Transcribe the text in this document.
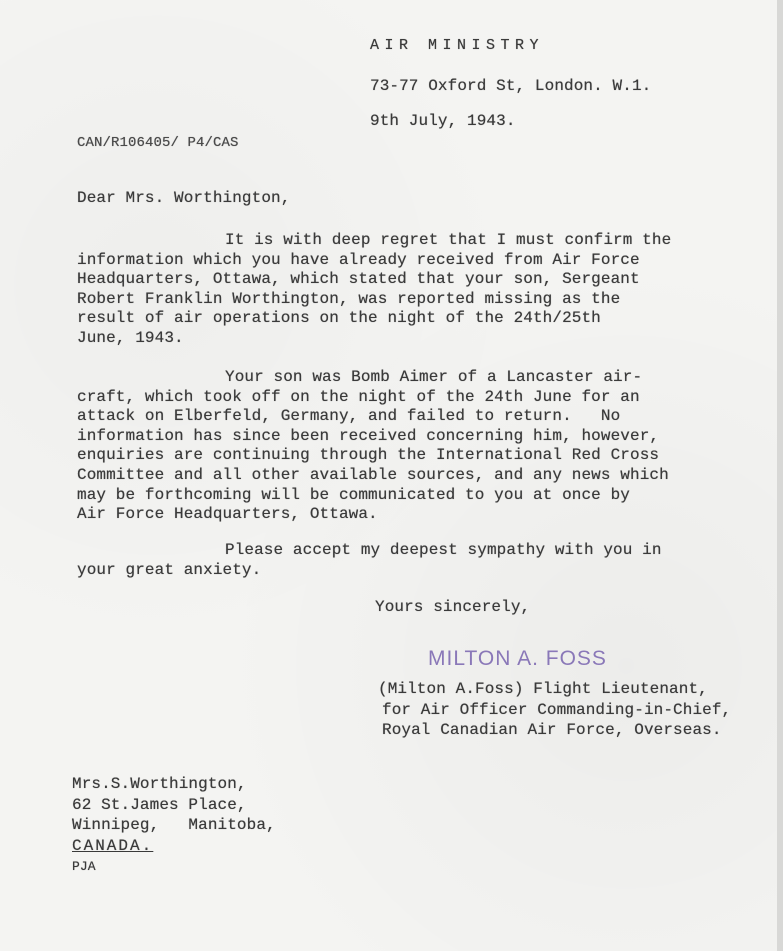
AIR MINISTRY
73-77 Oxford St, London. W.1.
9th July, 1943.
CAN/R106405/ P4/CAS
Dear Mrs. Worthington,
It is with deep regret that I must confirm the
information which you have already received from Air Force
Headquarters, Ottawa, which stated that your son, Sergeant
Robert Franklin Worthington, was reported missing as the
result of air operations on the night of the 24th/25th
June, 1943.
Your son was Bomb Aimer of a Lancaster air-
craft, which took off on the night of the 24th June for an
attack on Elberfeld, Germany, and failed to return.   No
information has since been received concerning him, however,
enquiries are continuing through the International Red Cross
Committee and all other available sources, and any news which
may be forthcoming will be communicated to you at once by
Air Force Headquarters, Ottawa.
Please accept my deepest sympathy with you in
your great anxiety.
Yours sincerely,
MILTON A. FOSS
(Milton A.Foss) Flight Lieutenant,
for Air Officer Commanding-in-Chief,
Royal Canadian Air Force, Overseas.
Mrs.S.Worthington,
62 St.James Place,
Winnipeg,   Manitoba,
CANADA.
PJA
